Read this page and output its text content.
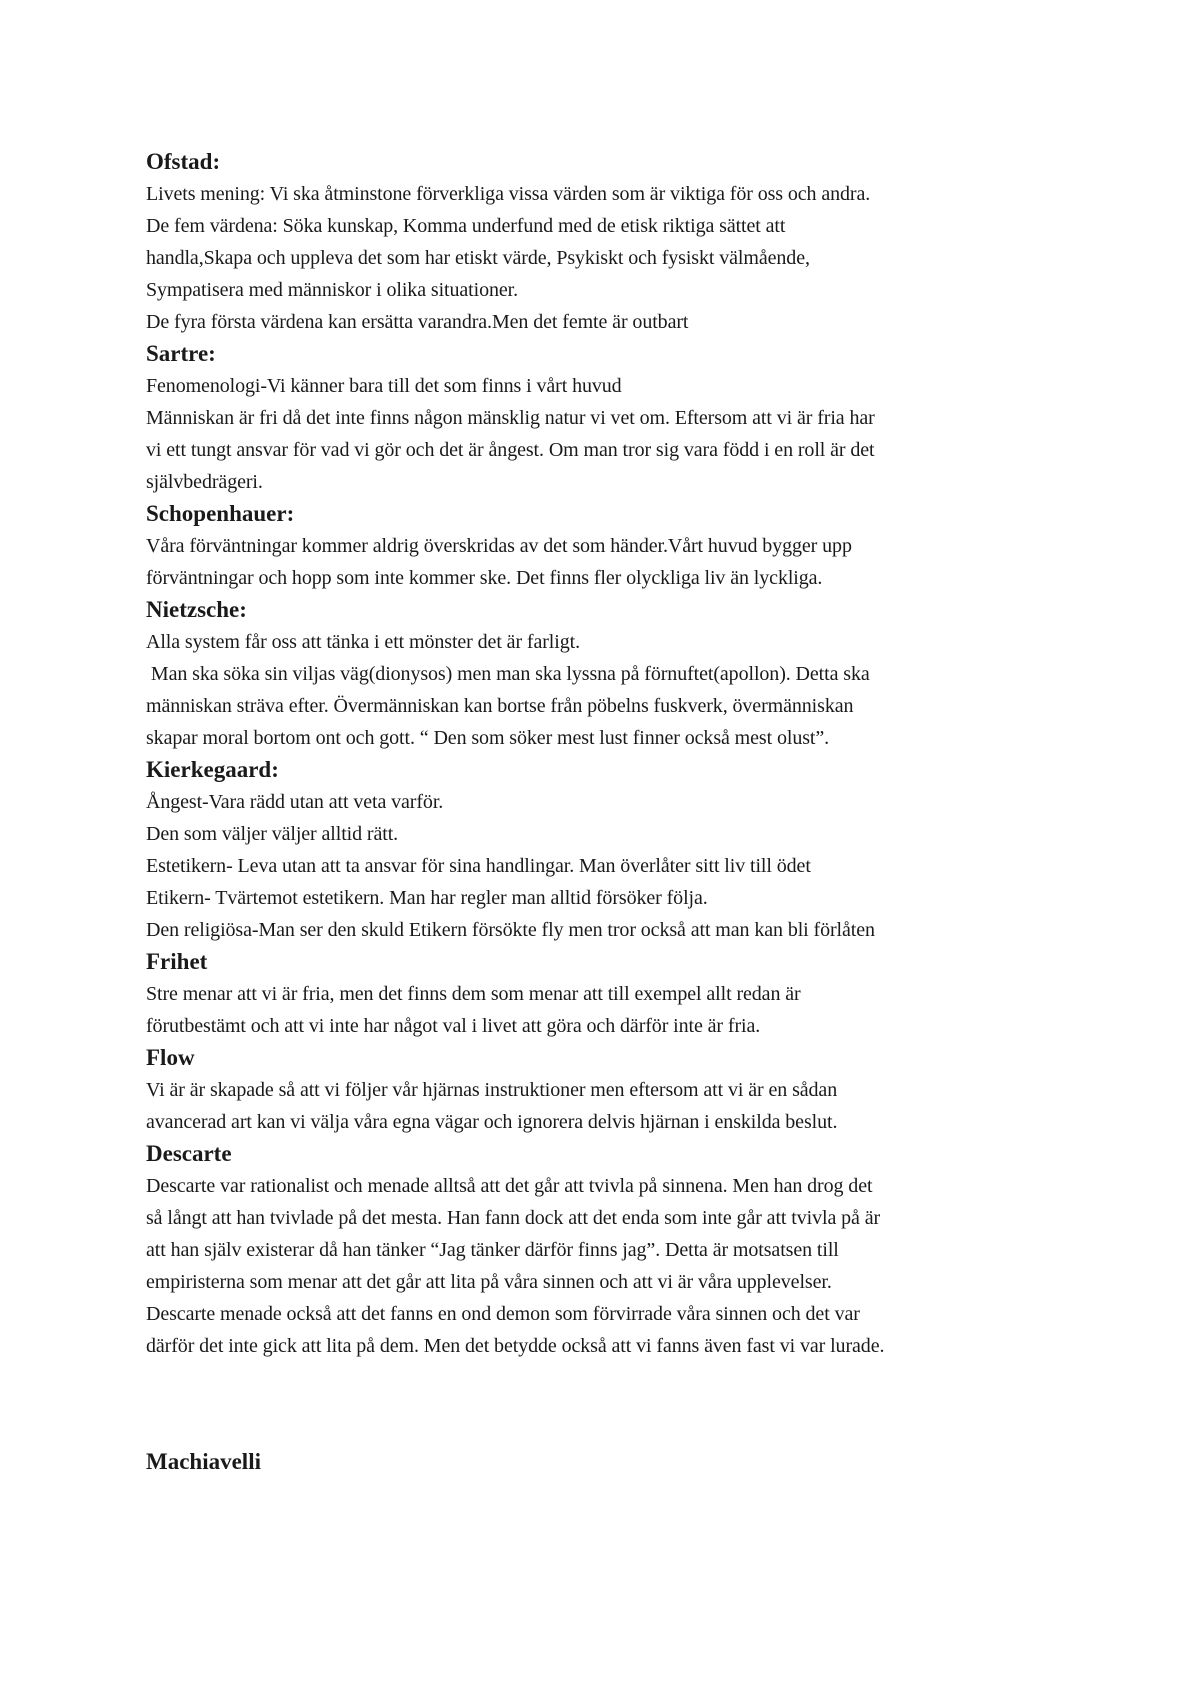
Ofstad:

Livets mening: Vi ska åtminstone förverkliga vissa värden som är viktiga för oss och andra.

De fem värdena: Söka kunskap, Komma underfund med de etisk riktiga sättet att

handla,Skapa och uppleva det som har etiskt värde, Psykiskt och fysiskt välmående,

Sympatisera med människor i olika situationer.

De fyra första värdena kan ersätta varandra.Men det femte är outbart

Sartre:

Fenomenologi-Vi känner bara till det som finns i vårt huvud

Människan är fri då det inte finns någon mänsklig natur vi vet om. Eftersom att vi är fria har

vi ett tungt ansvar för vad vi gör och det är ångest. Om man tror sig vara född i en roll är det

självbedrägeri.

Schopenhauer:

Våra förväntningar kommer aldrig överskridas av det som händer.Vårt huvud bygger upp

förväntningar och hopp som inte kommer ske. Det finns fler olyckliga liv än lyckliga.

Nietzsche:

Alla system får oss att tänka i ett mönster det är farligt.

Man ska söka sin viljas väg(dionysos) men man ska lyssna på förnuftet(apollon). Detta ska

människan sträva efter. Övermänniskan kan bortse från pöbelns fuskverk, övermänniskan

skapar moral bortom ont och gott. “ Den som söker mest lust finner också mest olust”.

Kierkegaard:

Ångest-Vara rädd utan att veta varför.

Den som väljer väljer alltid rätt.

Estetikern- Leva utan att ta ansvar för sina handlingar. Man överlåter sitt liv till ödet

Etikern- Tvärtemot estetikern. Man har regler man alltid försöker följa.

Den religiösa-Man ser den skuld Etikern försökte fly men tror också att man kan bli förlåten

Frihet

Stre menar att vi är fria, men det finns dem som menar att till exempel allt redan är

förutbestämt och att vi inte har något val i livet att göra och därför inte är fria.

Flow

Vi är är skapade så att vi följer vår hjärnas instruktioner men eftersom att vi är en sådan

avancerad art kan vi välja våra egna vägar och ignorera delvis hjärnan i enskilda beslut.

Descarte

Descarte var rationalist och menade alltså att det går att tvivla på sinnena. Men han drog det

så långt att han tvivlade på det mesta. Han fann dock att det enda som inte går att tvivla på är

att han själv existerar då han tänker “Jag tänker därför finns jag”. Detta är motsatsen till

empiristerna som menar att det går att lita på våra sinnen och att vi är våra upplevelser.

Descarte menade också att det fanns en ond demon som förvirrade våra sinnen och det var

därför det inte gick att lita på dem. Men det betydde också att vi fanns även fast vi var lurade.

Machiavelli
